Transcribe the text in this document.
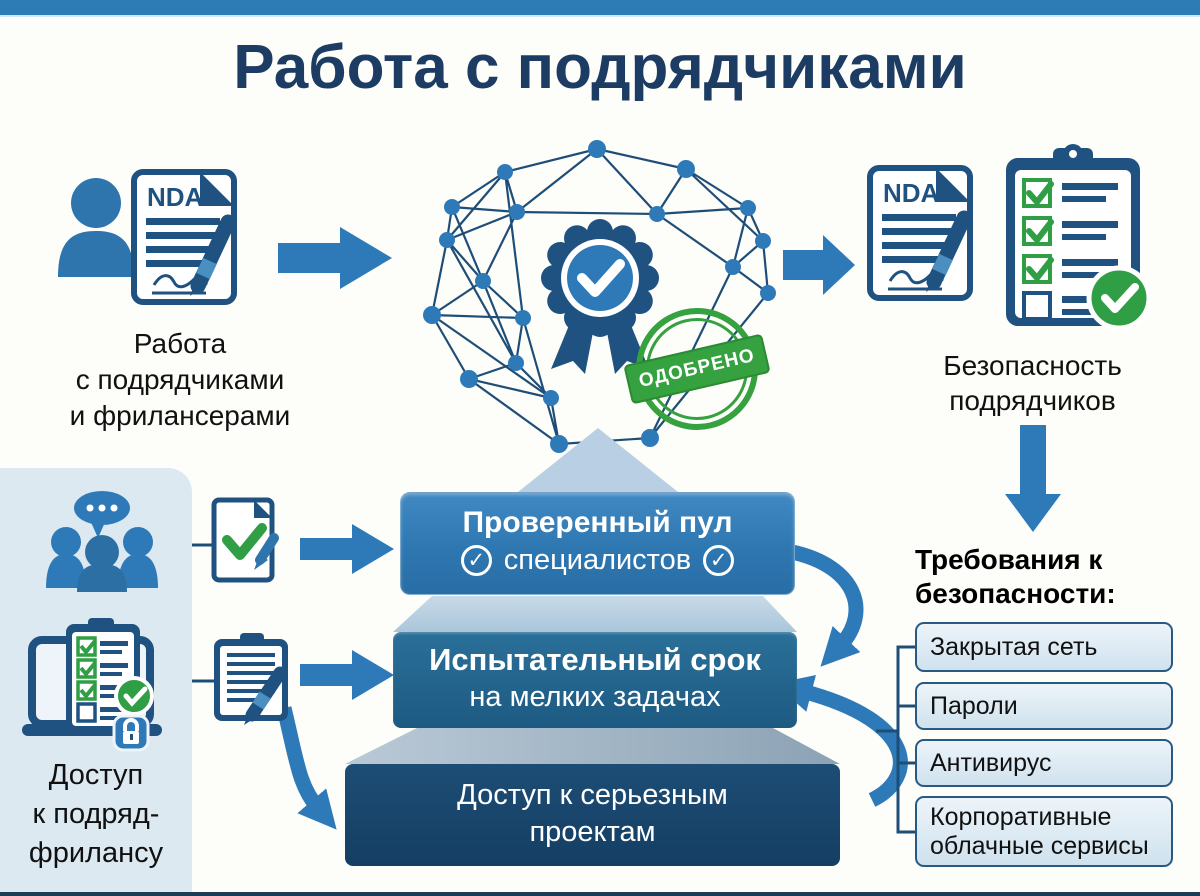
Работа с подрядчиками
NDA	NDA
Работа
с подрядчиками
и фрилансерами
Безопасность
подрядчиков
Доступ
к подряд-
фрилансу
ОДОБРЕНО
Проверенный пул
✓ специалистов ✓
Испытательный срок
на мелких задачах
Доступ к серьезным
проектам
Требования к
безопасности:
Закрытая сеть
Пароли
Антивирус
Корпоративные облачные сервисы
